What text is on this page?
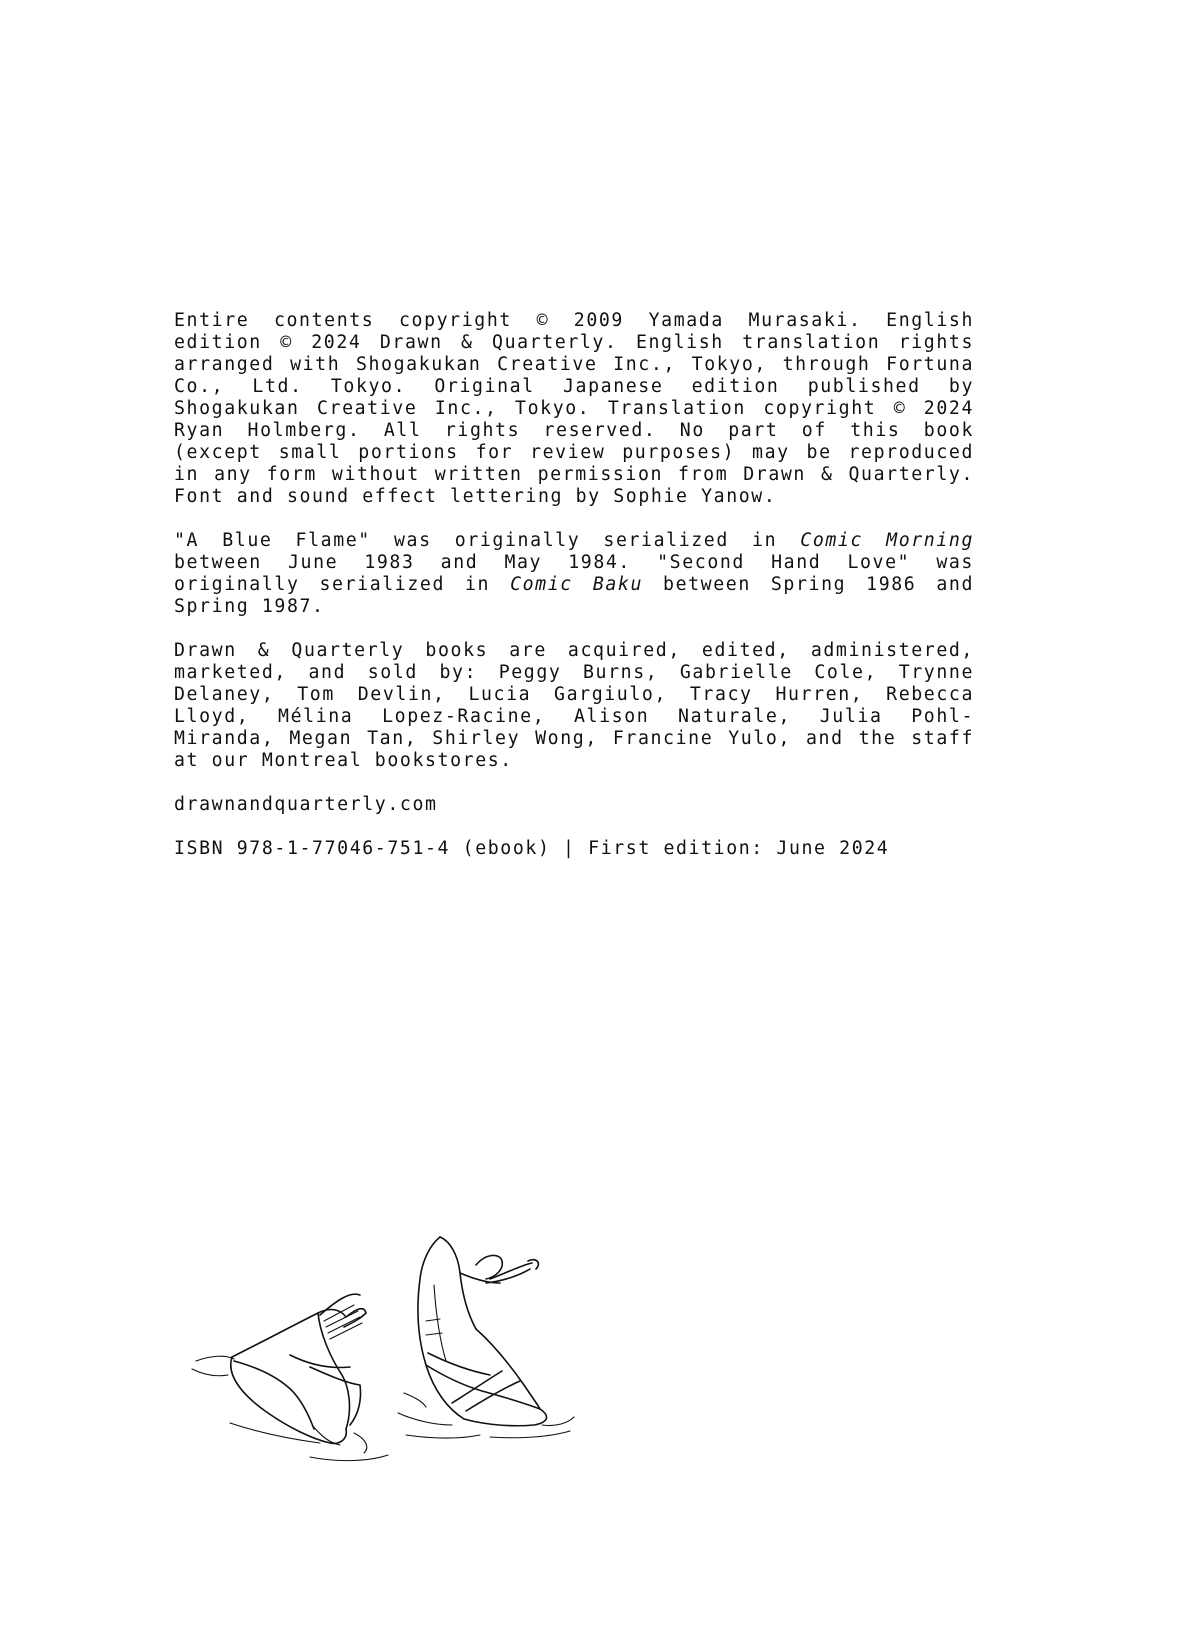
Entire contents copyright © 2009 Yamada Murasaki. English edition © 2024 Drawn & Quarterly. English translation rights arranged with Shogakukan Creative Inc., Tokyo, through Fortuna Co., Ltd. Tokyo. Original Japanese edition published by Shogakukan Creative Inc., Tokyo. Translation copyright © 2024 Ryan Holmberg. All rights reserved. No part of this book (except small portions for review purposes) may be reproduced in any form without written permission from Drawn & Quarterly. Font and sound effect lettering by Sophie Yanow.

"A Blue Flame" was originally serialized in Comic Morning between June 1983 and May 1984. "Second Hand Love" was originally serialized in Comic Baku between Spring 1986 and Spring 1987.

Drawn & Quarterly books are acquired, edited, administered, marketed, and sold by: Peggy Burns, Gabrielle Cole, Trynne Delaney, Tom Devlin, Lucia Gargiulo, Tracy Hurren, Rebecca Lloyd, Mélina Lopez-Racine, Alison Naturale, Julia Pohl-Miranda, Megan Tan, Shirley Wong, Francine Yulo, and the staff at our Montreal bookstores.

drawnandquarterly.com

ISBN 978-1-77046-751-4 (ebook) | First edition: June 2024
